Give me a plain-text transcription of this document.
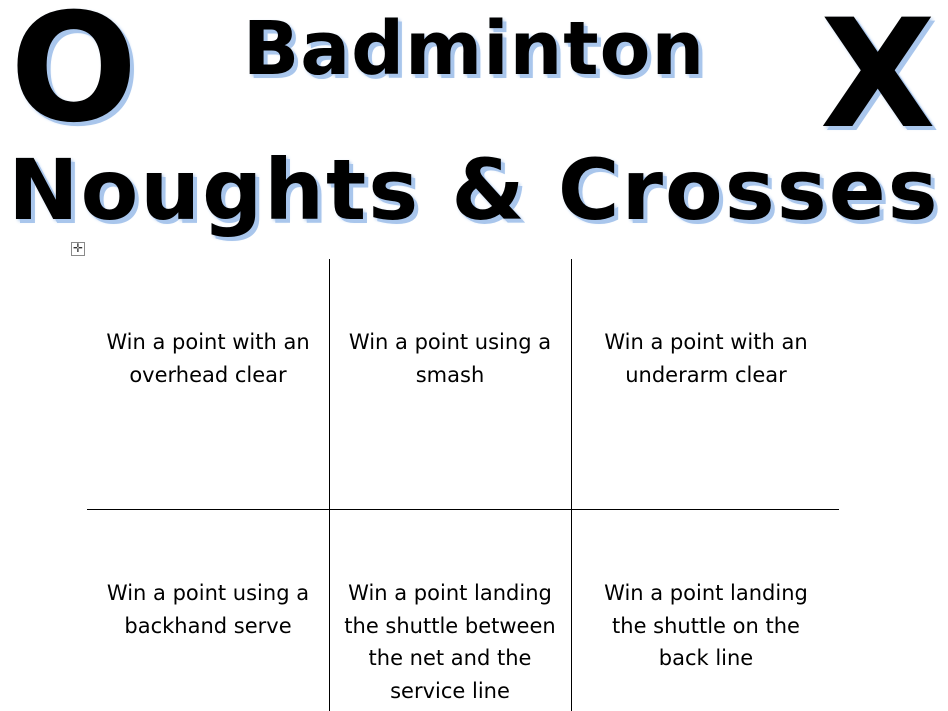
O	X
Badminton
Noughts & Crosses
✛
Win a point with an overhead clear
Win a point using a smash
Win a point with an underarm clear
Win a point using a backhand serve
Win a point landing the shuttle between the net and the service line
Win a point landing the shuttle on the back line
